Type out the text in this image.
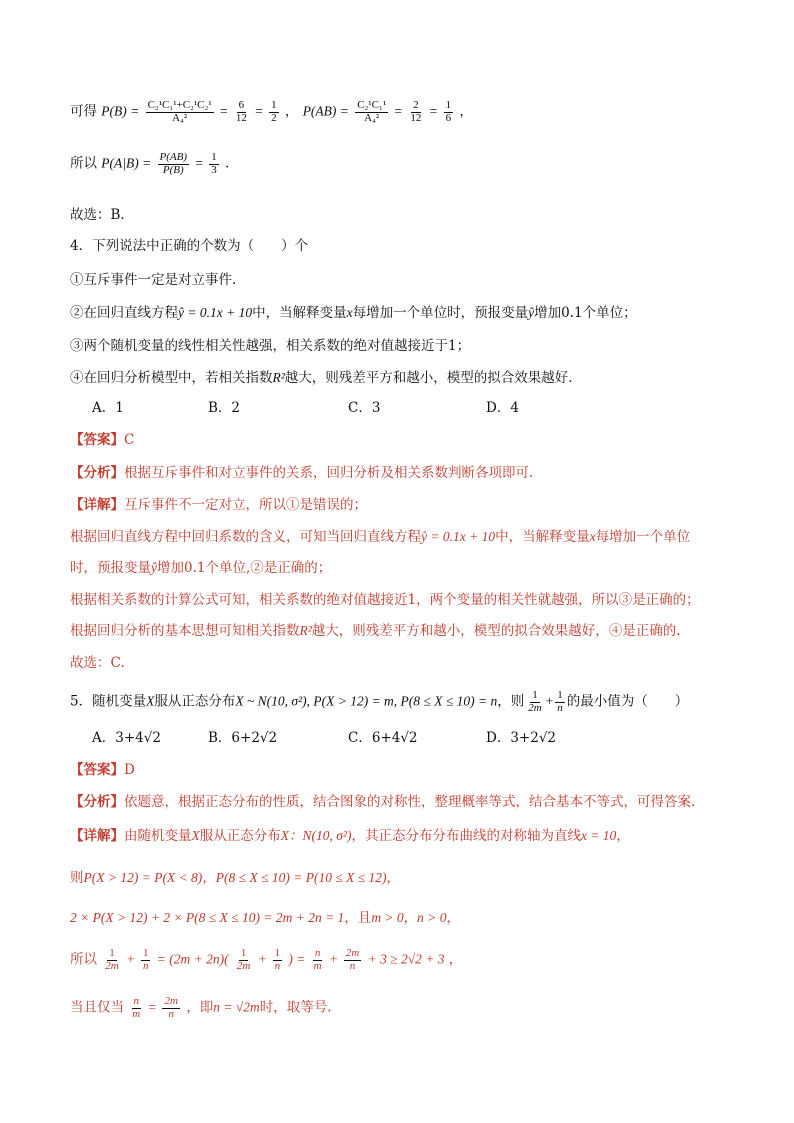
可得 $P(B) = \frac{\text{C₂¹C₁¹+C₂¹C₂¹}}{\text{A₄²}} = \frac{6}{12} = \frac{1}{2}$ ， $P(AB) = \frac{\text{C₂¹C₁¹}}{\text{A₄²}} = \frac{2}{12} = \frac{1}{6}$ ，
所以 $P(A|B) = \frac{P(AB)}{P(B)} = \frac{1}{3}$ .
故选：B.
4．下列说法中正确的个数为（　　）个
①互斥事件一定是对立事件.
②在回归直线方程ŷ = 0.1x + 10中，当解释变量x每增加一个单位时，预报变量ŷ增加0.1个单位；
③两个随机变量的线性相关性越强，相关系数的绝对值越接近于1；
④在回归分析模型中，若相关指数R²越大，则残差平方和越小，模型的拟合效果越好．
A．1	B．2	C．3	D．4
【答案】C
【分析】根据互斥事件和对立事件的关系，回归分析及相关系数判断各项即可．
【详解】互斥事件不一定对立，所以①是错误的；
根据回归直线方程中回归系数的含义，可知当回归直线方程ŷ = 0.1x + 10中，当解释变量x每增加一个单位
时，预报变量ŷ增加0.1个单位,②是正确的；
根据相关系数的计算公式可知，相关系数的绝对值越接近1，两个变量的相关性就越强，所以③是正确的；
根据回归分析的基本思想可知相关指数R²越大，则残差平方和越小，模型的拟合效果越好，④是正确的.
故选：C.
5．随机变量X服从正态分布X ~ N(10, σ²), P(X > 12) = m, P(8 ≤ X ≤ 10) = n，则 $\frac{1}{2m} + \frac{1}{n}$ 的最小值为（　　）
A．3+4√2	B．6+2√2	C．6+4√2	D．3+2√2
【答案】D
【分析】依题意，根据正态分布的性质，结合图象的对称性，整理概率等式，结合基本不等式，可得答案.
【详解】由随机变量X服从正态分布X：N(10, σ²)，其正态分布分布曲线的对称轴为直线x = 10，
则P(X > 12) = P(X < 8)，P(8 ≤ X ≤ 10) = P(10 ≤ X ≤ 12)，
2 × P(X > 12) + 2 × P(8 ≤ X ≤ 10) = 2m + 2n = 1，且m > 0，n > 0，
所以 $\frac{1}{2m} + \frac{1}{n} = (2m + 2n)( \frac{1}{2m} + \frac{1}{n}$ ) = $\frac{n}{m} + \frac{2m}{n} + 3 \ge 2√2 + 3$ ，
当且仅当 $\frac{n}{m} = \frac{2m}{n}$ ，即n = √2m时，取等号.
